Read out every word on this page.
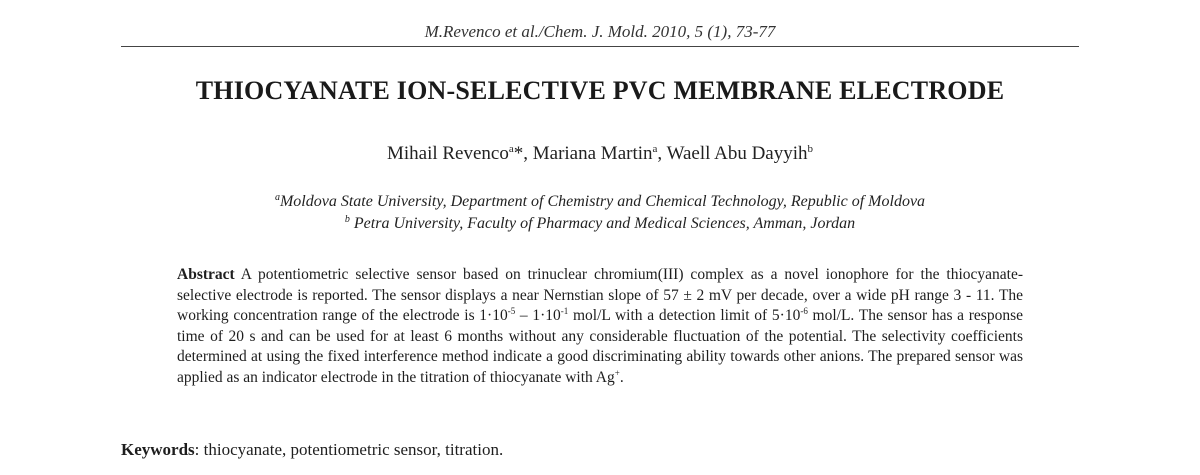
M.Revenco et al./Chem. J. Mold. 2010, 5 (1), 73-77
THIOCYANATE ION-SELECTIVE PVC MEMBRANE ELECTRODE
Mihail Revenco$^a$*, Mariana Martin$^a$, Waell Abu Dayyih$^b$
$^a$Moldova State University, Department of Chemistry and Chemical Technology, Republic of Moldova
$^b$ Petra University, Faculty of Pharmacy and Medical Sciences, Amman, Jordan
Abstract A potentiometric selective sensor based on trinuclear chromium(III) complex as a novel ionophore for the thiocyanate-selective electrode is reported. The sensor displays a near Nernstian slope of 57 ± 2 mV per decade, over a wide pH range 3 - 11. The working concentration range of the electrode is $1\cdot 10^{-5} - 1\cdot 10^{-1}$ mol/L with a detection limit of $5\cdot 10^{-6}$ mol/L. The sensor has a response time of 20 s and can be used for at least 6 months without any considerable fluctuation of the potential. The selectivity coefficients determined at using the fixed interference method indicate a good discriminating ability towards other anions. The prepared sensor was applied as an indicator electrode in the titration of thiocyanate with Ag+.
Keywords: thiocyanate, potentiometric sensor, titration.
